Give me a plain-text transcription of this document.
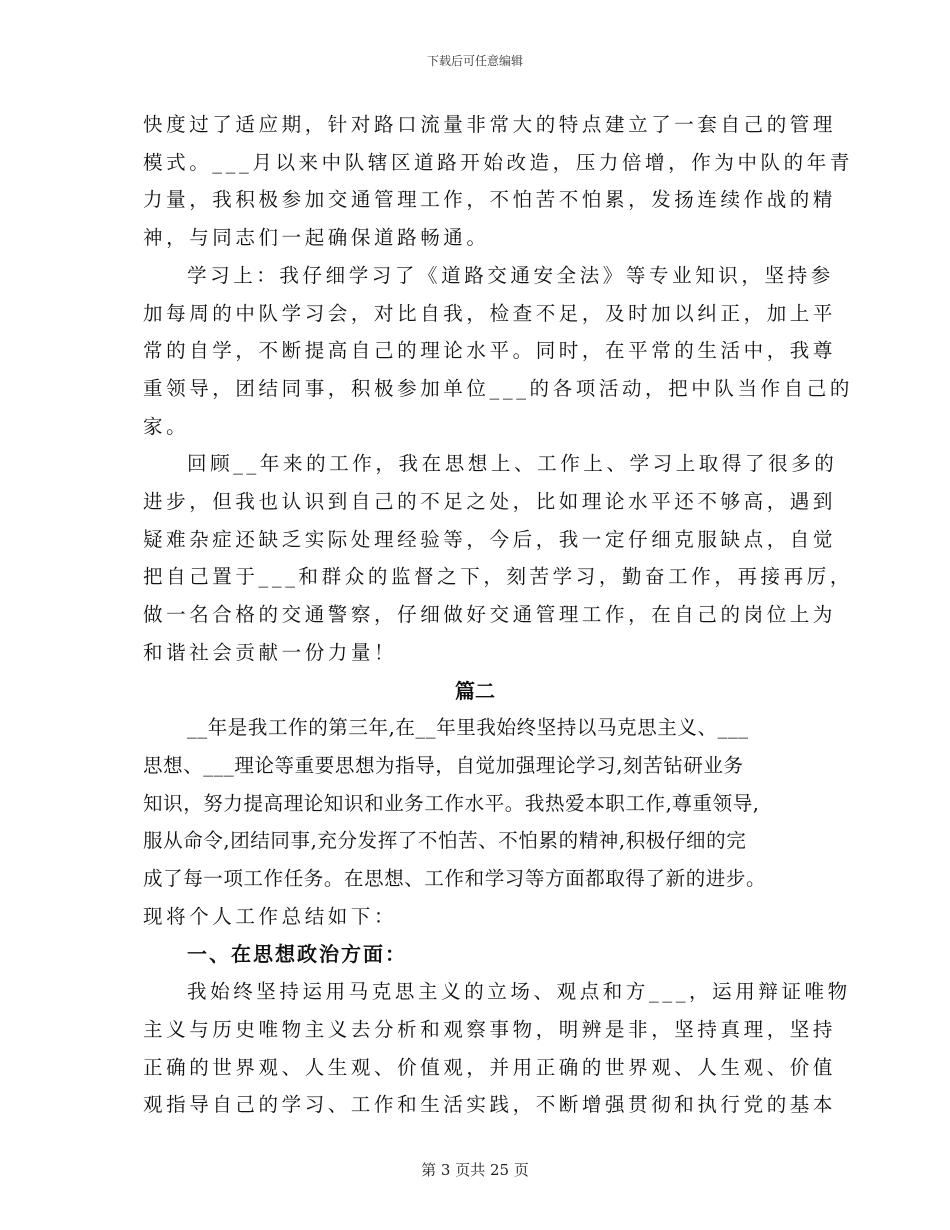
下载后可任意编辑
快度过了适应期，针对路口流量非常大的特点建立了一套自己的管理
模式。___月以来中队辖区道路开始改造，压力倍增，作为中队的年青
力量，我积极参加交通管理工作，不怕苦不怕累，发扬连续作战的精
神，与同志们一起确保道路畅通。
学习上：我仔细学习了《道路交通安全法》等专业知识，坚持参
加每周的中队学习会，对比自我，检查不足，及时加以纠正，加上平
常的自学，不断提高自己的理论水平。同时，在平常的生活中，我尊
重领导，团结同事，积极参加单位___的各项活动，把中队当作自己的
家。
回顾__年来的工作，我在思想上、工作上、学习上取得了很多的
进步，但我也认识到自己的不足之处，比如理论水平还不够高，遇到
疑难杂症还缺乏实际处理经验等，今后，我一定仔细克服缺点，自觉
把自己置于___和群众的监督之下，刻苦学习，勤奋工作，再接再厉，
做一名合格的交通警察，仔细做好交通管理工作，在自己的岗位上为
和谐社会贡献一份力量！
篇二
__年是我工作的第三年,在__年里我始终坚持以马克思主义、___
思想、___理论等重要思想为指导，自觉加强理论学习,刻苦钻研业务
知识，努力提高理论知识和业务工作水平。我热爱本职工作,尊重领导,
服从命令,团结同事,充分发挥了不怕苦、不怕累的精神,积极仔细的完
成了每一项工作任务。在思想、工作和学习等方面都取得了新的进步。
现将个人工作总结如下：
一、在思想政治方面：
我始终坚持运用马克思主义的立场、观点和方___，运用辩证唯物
主义与历史唯物主义去分析和观察事物，明辨是非，坚持真理，坚持
正确的世界观、人生观、价值观，并用正确的世界观、人生观、价值
观指导自己的学习、工作和生活实践，不断增强贯彻和执行党的基本
第 3 页共 25 页
